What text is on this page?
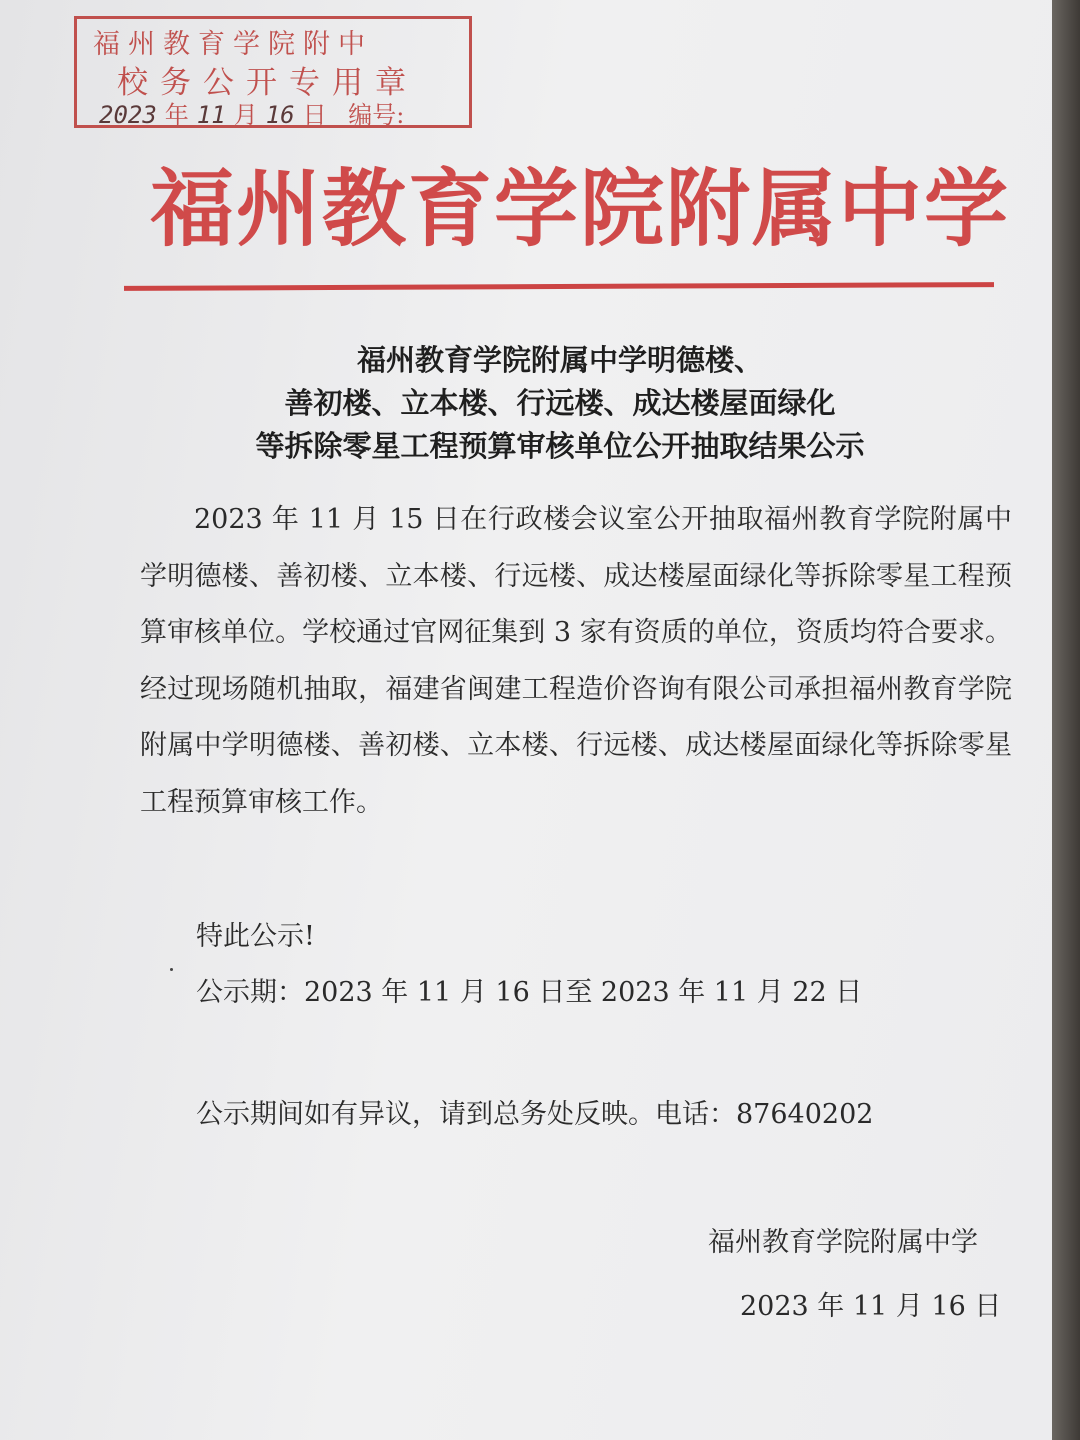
福州教育学院附中
校务公开专用章
2023 年 11 月 16 日 编号:
福州教育学院附属中学
福州教育学院附属中学明德楼、
善初楼、立本楼、行远楼、成达楼屋面绿化
等拆除零星工程预算审核单位公开抽取结果公示
2023 年 11 月 15 日在行政楼会议室公开抽取福州教育学院附属中学明德楼、善初楼、立本楼、行远楼、成达楼屋面绿化等拆除零星工程预算审核单位。学校通过官网征集到 3 家有资质的单位，资质均符合要求。经过现场随机抽取，福建省闽建工程造价咨询有限公司承担福州教育学院附属中学明德楼、善初楼、立本楼、行远楼、成达楼屋面绿化等拆除零星工程预算审核工作。
特此公示!
公示期：2023 年 11 月 16 日至 2023 年 11 月 22 日
公示期间如有异议，请到总务处反映。电话：87640202
福州教育学院附属中学
2023 年 11 月 16 日
